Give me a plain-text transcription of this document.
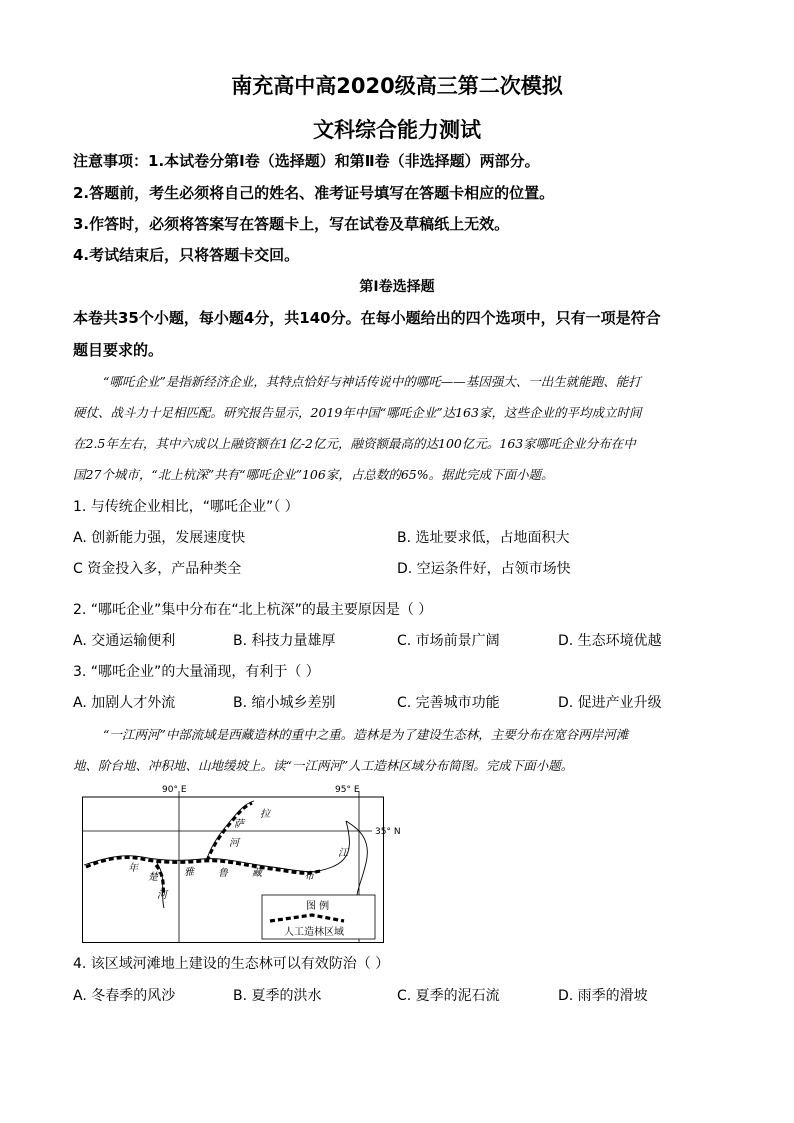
南充高中高2020级高三第二次模拟
文科综合能力测试
注意事项：1.本试卷分第Ⅰ卷（选择题）和第Ⅱ卷（非选择题）两部分。
2.答题前，考生必须将自己的姓名、准考证号填写在答题卡相应的位置。
3.作答时，必须将答案写在答题卡上，写在试卷及草稿纸上无效。
4.考试结束后，只将答题卡交回。
第Ⅰ卷选择题
本卷共35个小题，每小题4分，共140分。在每小题给出的四个选项中，只有一项是符合
题目要求的。
“哪吒企业”是指新经济企业，其特点恰好与神话传说中的哪吒——基因强大、一出生就能跑、能打
硬仗、战斗力十足相匹配。研究报告显示，2019年中国“哪吒企业”达163家，这些企业的平均成立时间
在2.5年左右，其中六成以上融资额在1亿-2亿元，融资额最高的达100亿元。163家哪吒企业分布在中
国27个城市，“北上杭深”共有“哪吒企业”106家，占总数的65%。据此完成下面小题。
1. 与传统企业相比，“哪吒企业”（ ）
A. 创新能力强，发展速度快	B. 选址要求低，占地面积大
C 资金投入多，产品种类全	D. 空运条件好，占领市场快
2. “哪吒企业”集中分布在“北上杭深”的最主要原因是（ ）
A. 交通运输便利	B. 科技力量雄厚	C. 市场前景广阔	D. 生态环境优越
3. “哪吒企业”的大量涌现，有利于（ ）
A. 加剧人才外流	B. 缩小城乡差别	C. 完善城市功能	D. 促进产业升级
“一江两河”中部流域是西藏造林的重中之重。造林是为了建设生态林，主要分布在宽谷两岸河滩
地、阶台地、冲积地、山地缓坡上。读“一江两河”人工造林区域分布简图。完成下面小题。
90° E	95° E
35° N
拉
萨
河
江
年
楚
河
雅 鲁 藏	布
图 例
人工造林区域
4. 该区域河滩地上建设的生态林可以有效防治（ ）
A. 冬春季的风沙	B. 夏季的洪水	C. 夏季的泥石流	D. 雨季的滑坡
